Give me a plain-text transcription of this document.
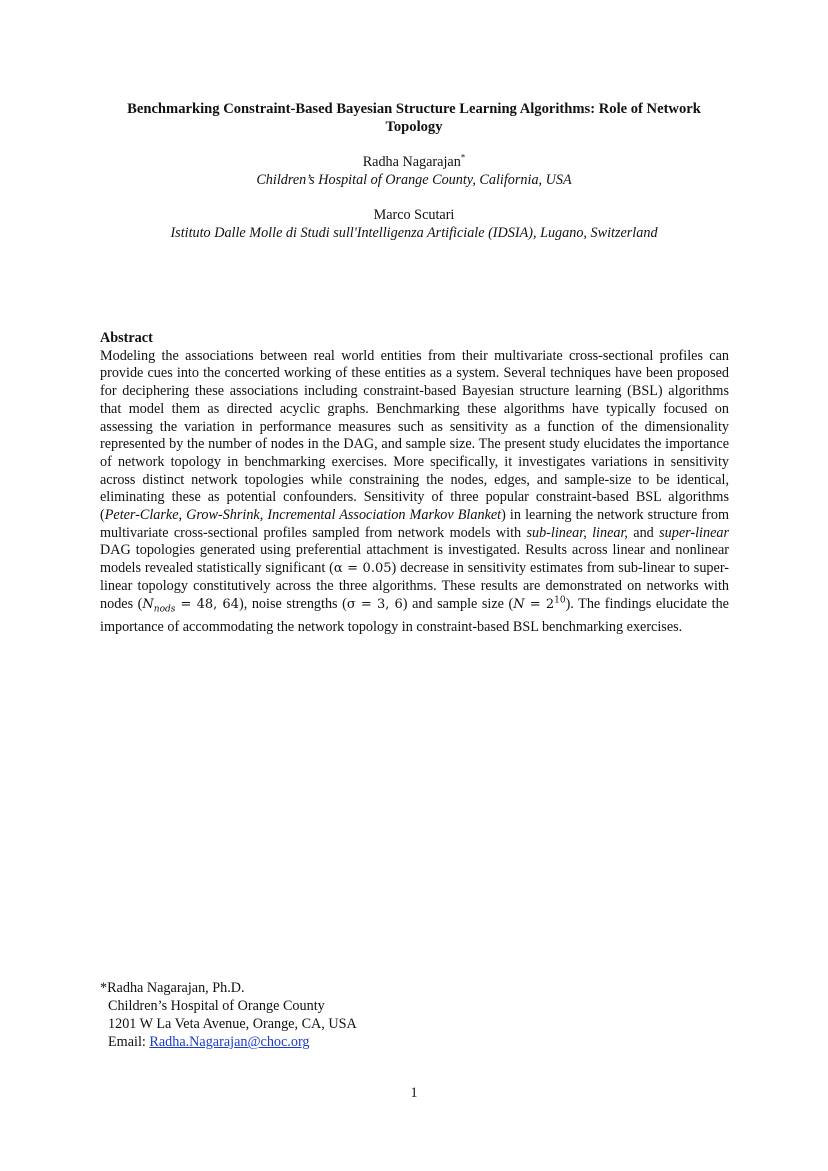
Benchmarking Constraint-Based Bayesian Structure Learning Algorithms: Role of Network Topology
Radha Nagarajan*
Children’s Hospital of Orange County, California, USA
Marco Scutari
Istituto Dalle Molle di Studi sull'Intelligenza Artificiale (IDSIA), Lugano, Switzerland
Abstract

Modeling the associations between real world entities from their multivariate cross-sectional profiles can provide cues into the concerted working of these entities as a system. Several techniques have been proposed for deciphering these associations including constraint-based Bayesian structure learning (BSL) algorithms that model them as directed acyclic graphs. Benchmarking these algorithms have typically focused on assessing the variation in performance measures such as sensitivity as a function of the dimensionality represented by the number of nodes in the DAG, and sample size. The present study elucidates the importance of network topology in benchmarking exercises. More specifically, it investigates variations in sensitivity across distinct network topologies while constraining the nodes, edges, and sample-size to be identical, eliminating these as potential confounders. Sensitivity of three popular constraint-based BSL algorithms (Peter-Clarke, Grow-Shrink, Incremental Association Markov Blanket) in learning the network structure from multivariate cross-sectional profiles sampled from network models with sub-linear, linear, and super-linear DAG topologies generated using preferential attachment is investigated. Results across linear and nonlinear models revealed statistically significant (α = 0.05) decrease in sensitivity estimates from sub-linear to super-linear topology constitutively across the three algorithms. These results are demonstrated on networks with nodes ($N_{nods} = 48$, 64), noise strengths (σ = 3, 6) and sample size $(N = 2^{10})$. The findings elucidate the importance of accommodating the network topology in constraint-based BSL benchmarking exercises.

*Radha Nagarajan, Ph.D.
Children’s Hospital of Orange County
1201 W La Veta Avenue, Orange, CA, USA
Email: Radha.Nagarajan@choc.org
1
